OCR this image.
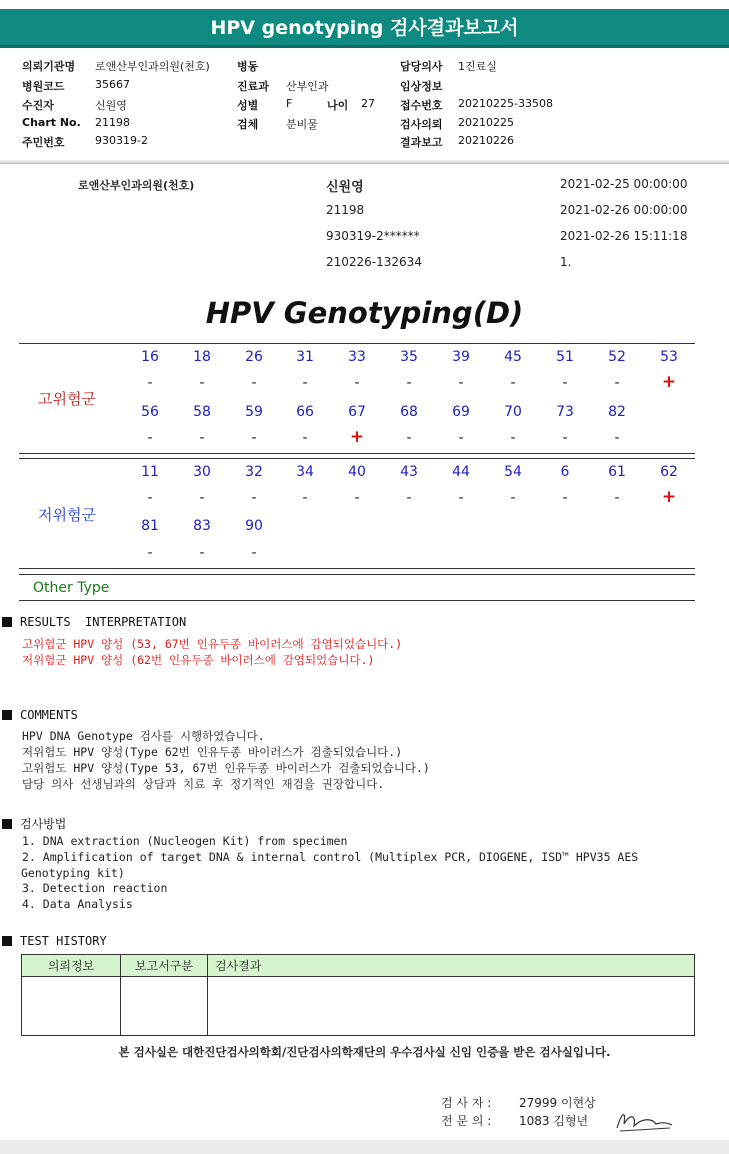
HPV genotyping 검사결과보고서
의뢰기관명 로앤산부인과의원(천호)
병원코드	35667
수진자	신원영
Chart No. 21198
주민번호	930319-2
병동
진료과 산부인과
성별	F	나이 27
검체	분비물
담당의사 1진료실
임상정보
접수번호 20210225-33508
검사의뢰 20210225
결과보고 20210226
로앤산부인과의원(천호)	신원영
21198
930319-2******
210226-132634
2021-02-25 00:00:00
2021-02-26 00:00:00
2021-02-26 15:11:18
1.
HPV Genotyping(D)
고위험군
저위험군
16	18	26	31	33	35	39	45	51	52	53
-	-	-	-	-	-	-	-	-	-	+
56	58	59	66	67	68	69	70	73	82
-	-	-	-	+	-	-	-	-	-
11	30	32	34	40	43	44	54	6	61	62
-	-	-	-	-	-	-	-	-	-	+
81	83	90
-	-	-
Other Type
RESULTS  INTERPRETATION
고위험군 HPV 양성 (53, 67번 인유두종 바이러스에 감염되었습니다.)
저위험군 HPV 양성 (62번 인유두종 바이러스에 감염되었습니다.)
COMMENTS
HPV DNA Genotype 검사를 시행하였습니다.
저위험도 HPV 양성(Type 62번 인유두종 바이러스가 검출되었습니다.)
고위험도 HPV 양성(Type 53, 67번 인유두종 바이러스가 검출되었습니다.)
담당 의사 선생님과의 상담과 치료 후 정기적인 재검을 권장합니다.
검사방법
1. DNA extraction (Nucleogen Kit) from specimen
2. Amplification of target DNA & internal control (Multiplex PCR, DIOGENE, ISD™ HPV35 AES
Genotyping kit)
3. Detection reaction
4. Data Analysis
TEST HISTORY
의뢰정보	보고서구분	검사결과
본 검사실은 대한진단검사의학회/진단검사의학재단의 우수검사실 신임 인증을 받은 검사실입니다.
검 사 자 : 27999 이현상
전 문 의 : 1083 김형년
